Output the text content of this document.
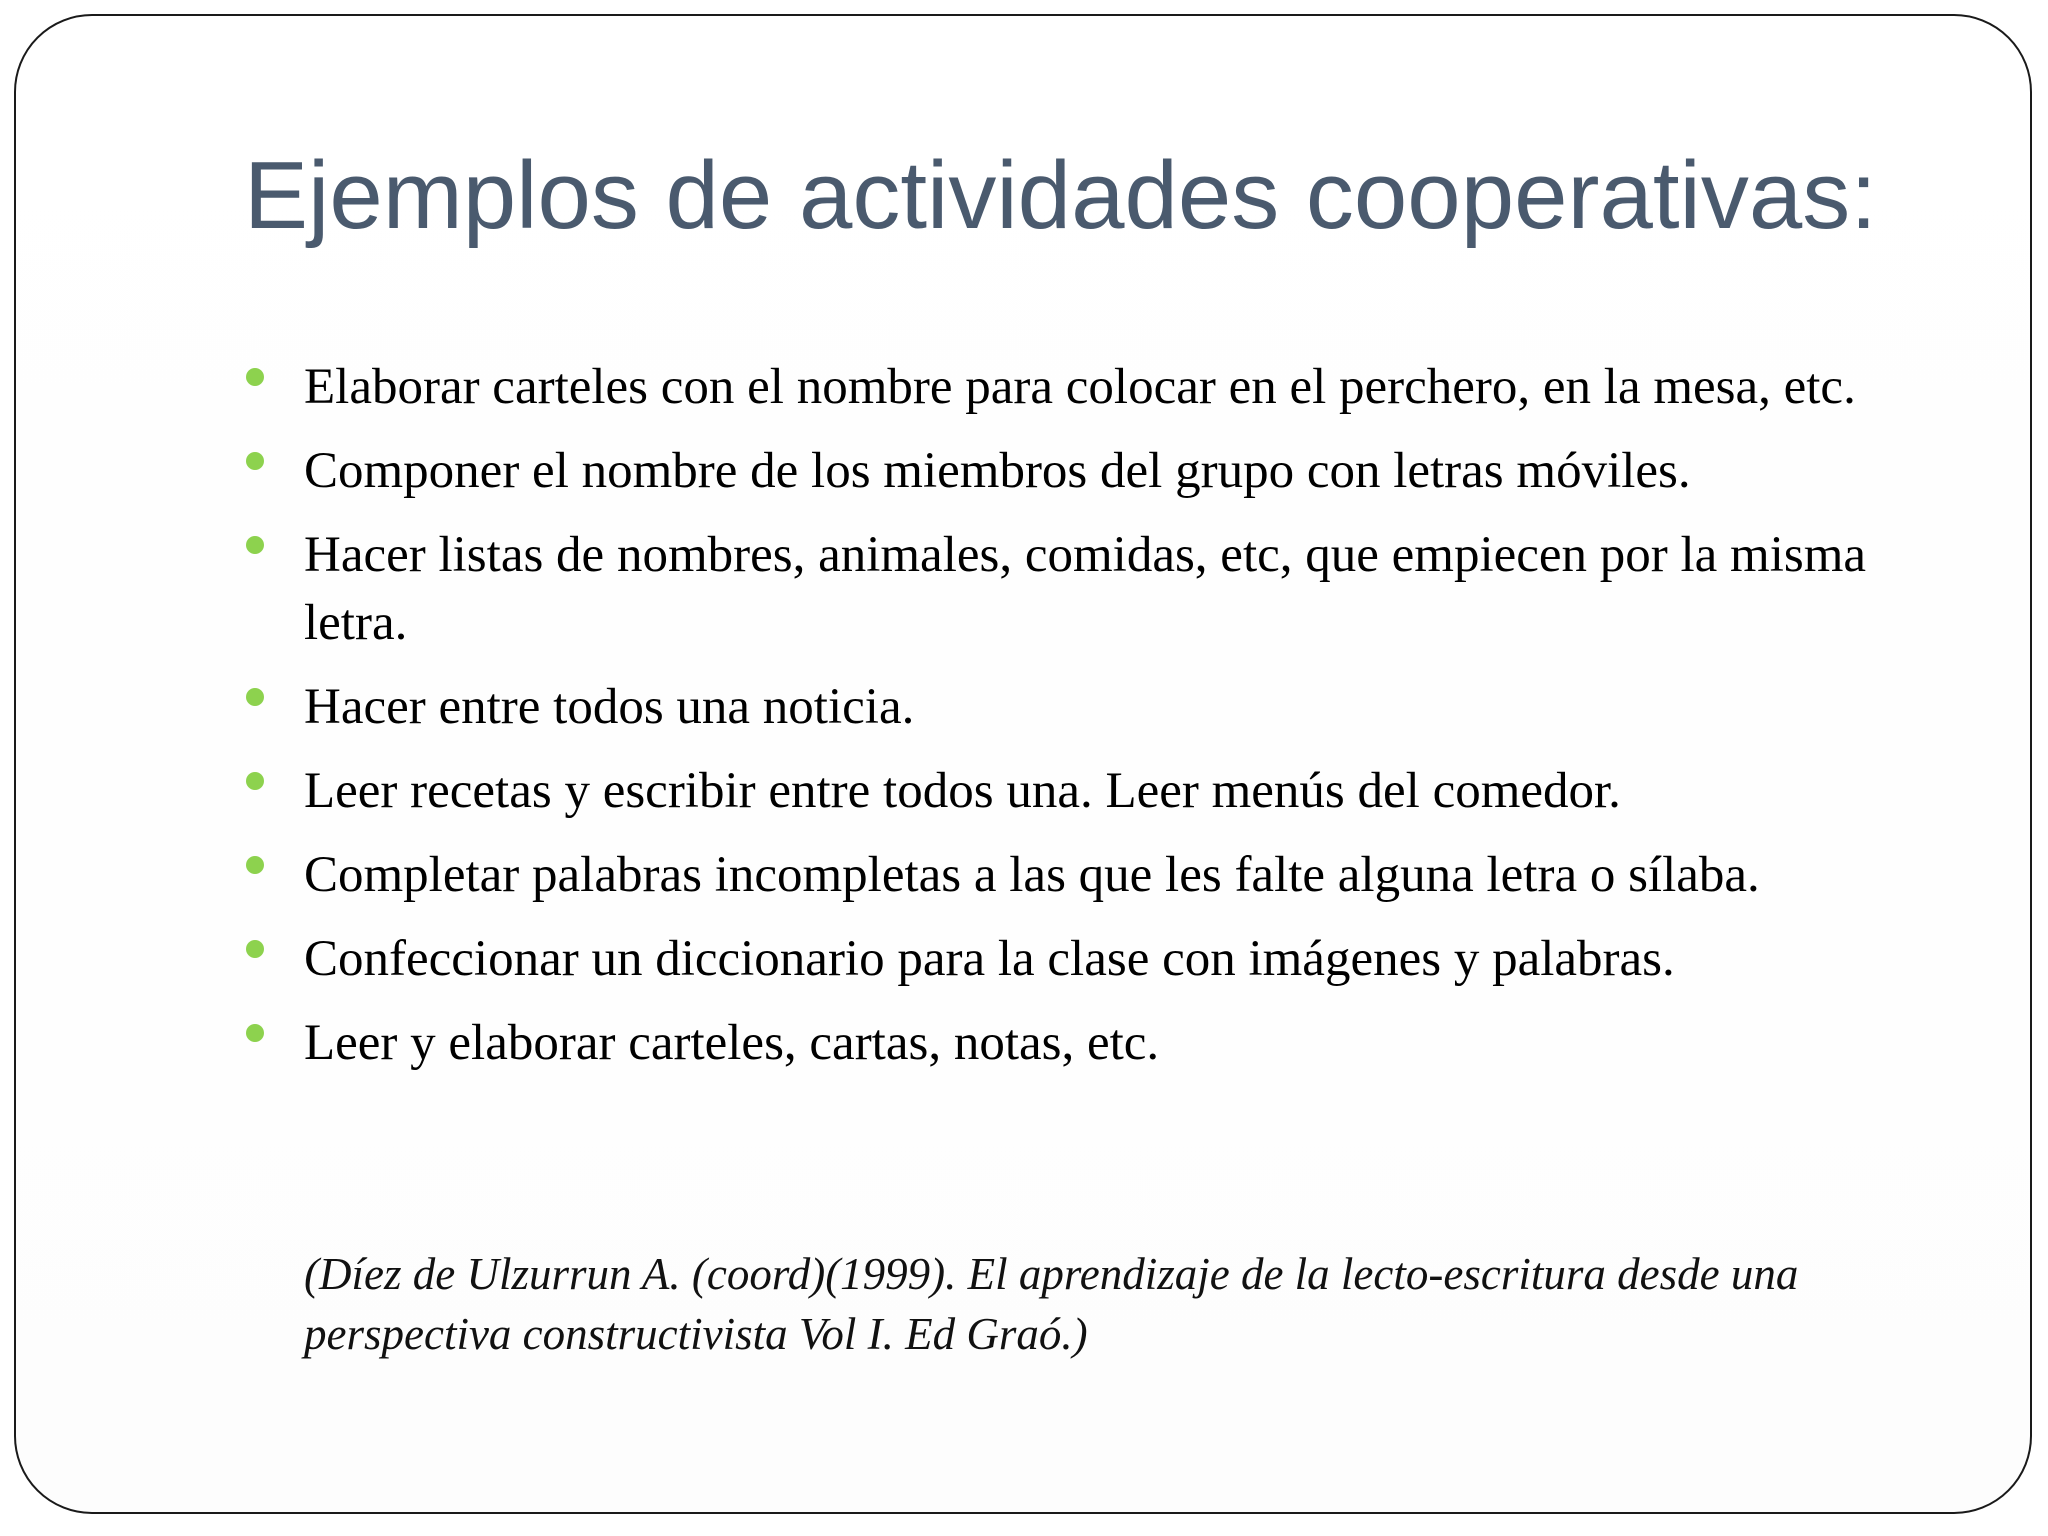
Ejemplos de actividades cooperativas:
Elaborar carteles con el nombre para colocar en el perchero, en la mesa, etc.
Componer el nombre de los miembros del grupo con letras móviles.
Hacer listas de nombres, animales, comidas, etc, que empiecen por la misma letra.
Hacer entre todos una noticia.
Leer recetas y escribir entre todos una. Leer menús del comedor.
Completar palabras incompletas a las que les falte alguna letra o sílaba.
Confeccionar un diccionario para la clase con imágenes y palabras.
Leer y elaborar carteles, cartas, notas, etc.

(Díez de Ulzurrun A. (coord)(1999). El aprendizaje de la lecto-escritura desde una perspectiva constructivista Vol I. Ed Graó.)
